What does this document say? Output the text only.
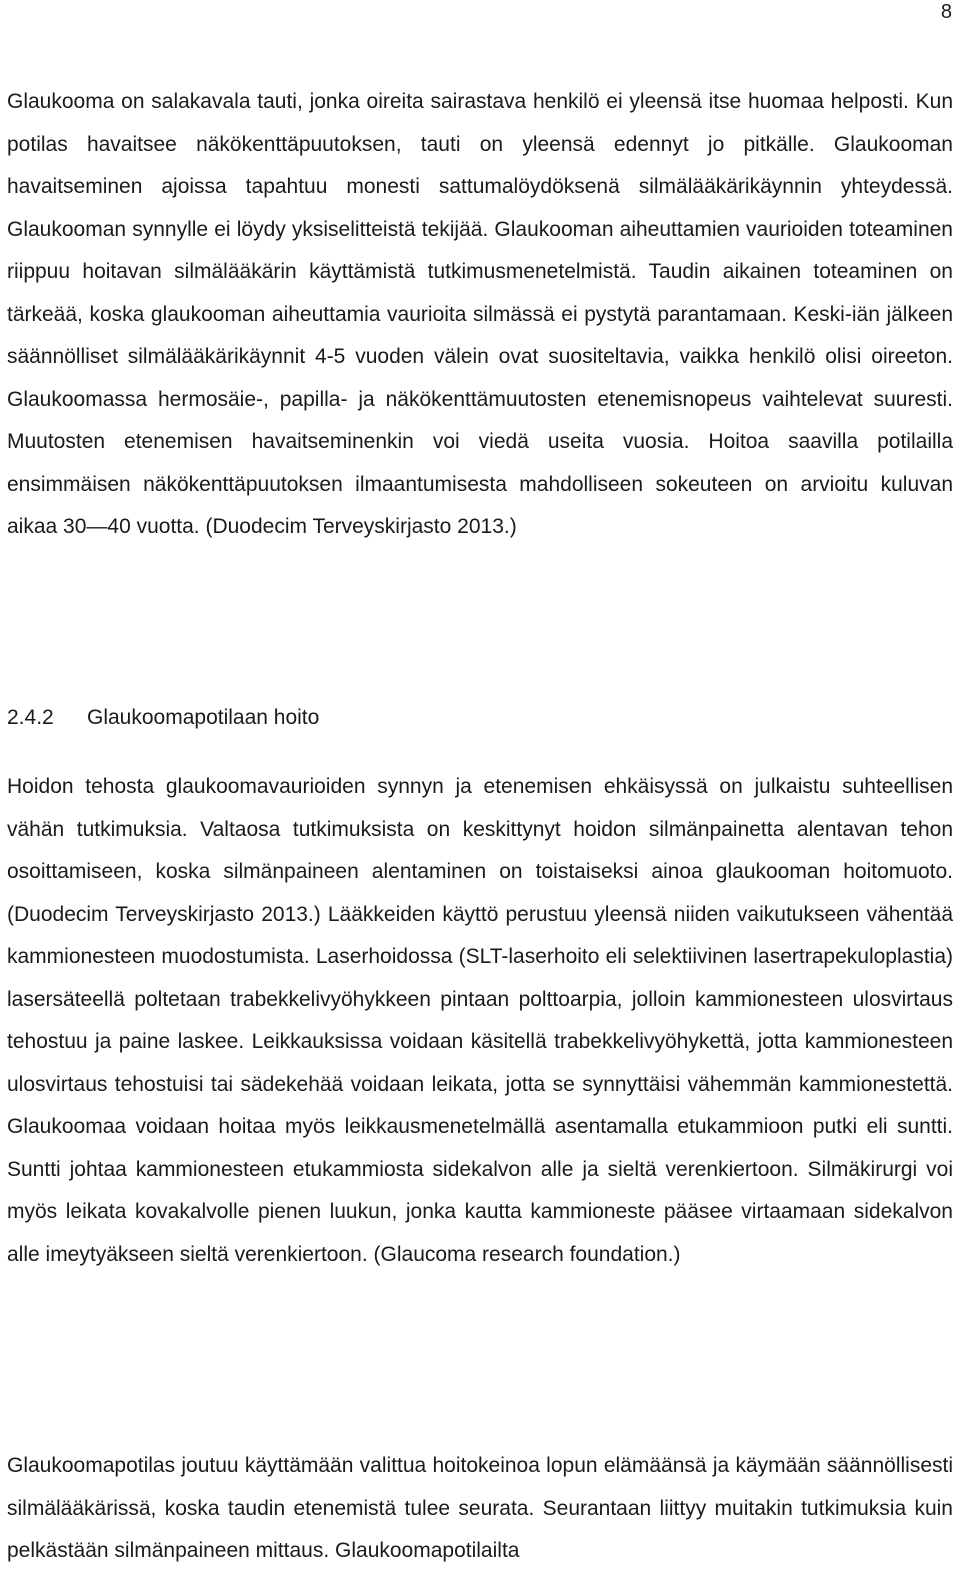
8

Glaukooma on salakavala tauti, jonka oireita sairastava henkilö ei yleensä itse huomaa helposti. Kun potilas havaitsee näkökenttäpuutoksen, tauti on yleensä edennyt jo pitkälle. Glaukooman havaitseminen ajoissa tapahtuu monesti sattumalöydöksenä silmälääkärikäynnin yhteydessä. Glaukooman synnylle ei löydy yksiselitteistä tekijää. Glaukooman aiheuttamien vaurioiden toteaminen riippuu hoitavan silmälääkärin käyttämistä tutkimusmenetelmistä. Taudin aikainen toteaminen on tärkeää, koska glaukooman aiheuttamia vaurioita silmässä ei pystytä parantamaan. Keski-iän jälkeen säännölliset silmälääkärikäynnit 4-5 vuoden välein ovat suositeltavia, vaikka henkilö olisi oireeton. Glaukoomassa hermosäie-, papilla- ja näkökenttämuutosten etenemisnopeus vaihtelevat suuresti. Muutosten etenemisen havaitseminenkin voi viedä useita vuosia. Hoitoa saavilla potilailla ensimmäisen näkökenttäpuutoksen ilmaantumisesta mahdolliseen sokeuteen on arvioitu kuluvan aikaa 30—40 vuotta. (Duodecim Terveyskirjasto 2013.)

2.4.2 Glaukoomapotilaan hoito

Hoidon tehosta glaukoomavaurioiden synnyn ja etenemisen ehkäisyssä on julkaistu suhteellisen vähän tutkimuksia. Valtaosa tutkimuksista on keskittynyt hoidon silmänpainetta alentavan tehon osoittamiseen, koska silmänpaineen alentaminen on toistaiseksi ainoa glaukooman hoitomuoto. (Duodecim Terveyskirjasto 2013.) Lääkkeiden käyttö perustuu yleensä niiden vaikutukseen vähentää kammionesteen muodostumista. Laserhoidossa (SLT-laserhoito eli selektiivinen lasertrapekuloplastia) lasersäteellä poltetaan trabekkelivyöhykkeen pintaan polttoarpia, jolloin kammionesteen ulosvirtaus tehostuu ja paine laskee. Leikkauksissa voidaan käsitellä trabekkelivyöhykettä, jotta kammionesteen ulosvirtaus tehostuisi tai sädekehää voidaan leikata, jotta se synnyttäisi vähemmän kammionestettä. Glaukoomaa voidaan hoitaa myös leikkausmenetelmällä asentamalla etukammioon putki eli suntti. Suntti johtaa kammionesteen etukammiosta sidekalvon alle ja sieltä verenkiertoon. Silmäkirurgi voi myös leikata kovakalvolle pienen luukun, jonka kautta kammioneste pääsee virtaamaan sidekalvon alle imeytyäkseen sieltä verenkiertoon. (Glaucoma research foundation.)

Glaukoomapotilas joutuu käyttämään valittua hoitokeinoa lopun elämäänsä ja käymään säännöllisesti silmälääkärissä, koska taudin etenemistä tulee seurata. Seurantaan liittyy muitakin tutkimuksia kuin pelkästään silmänpaineen mittaus. Glaukoomapotilailta
